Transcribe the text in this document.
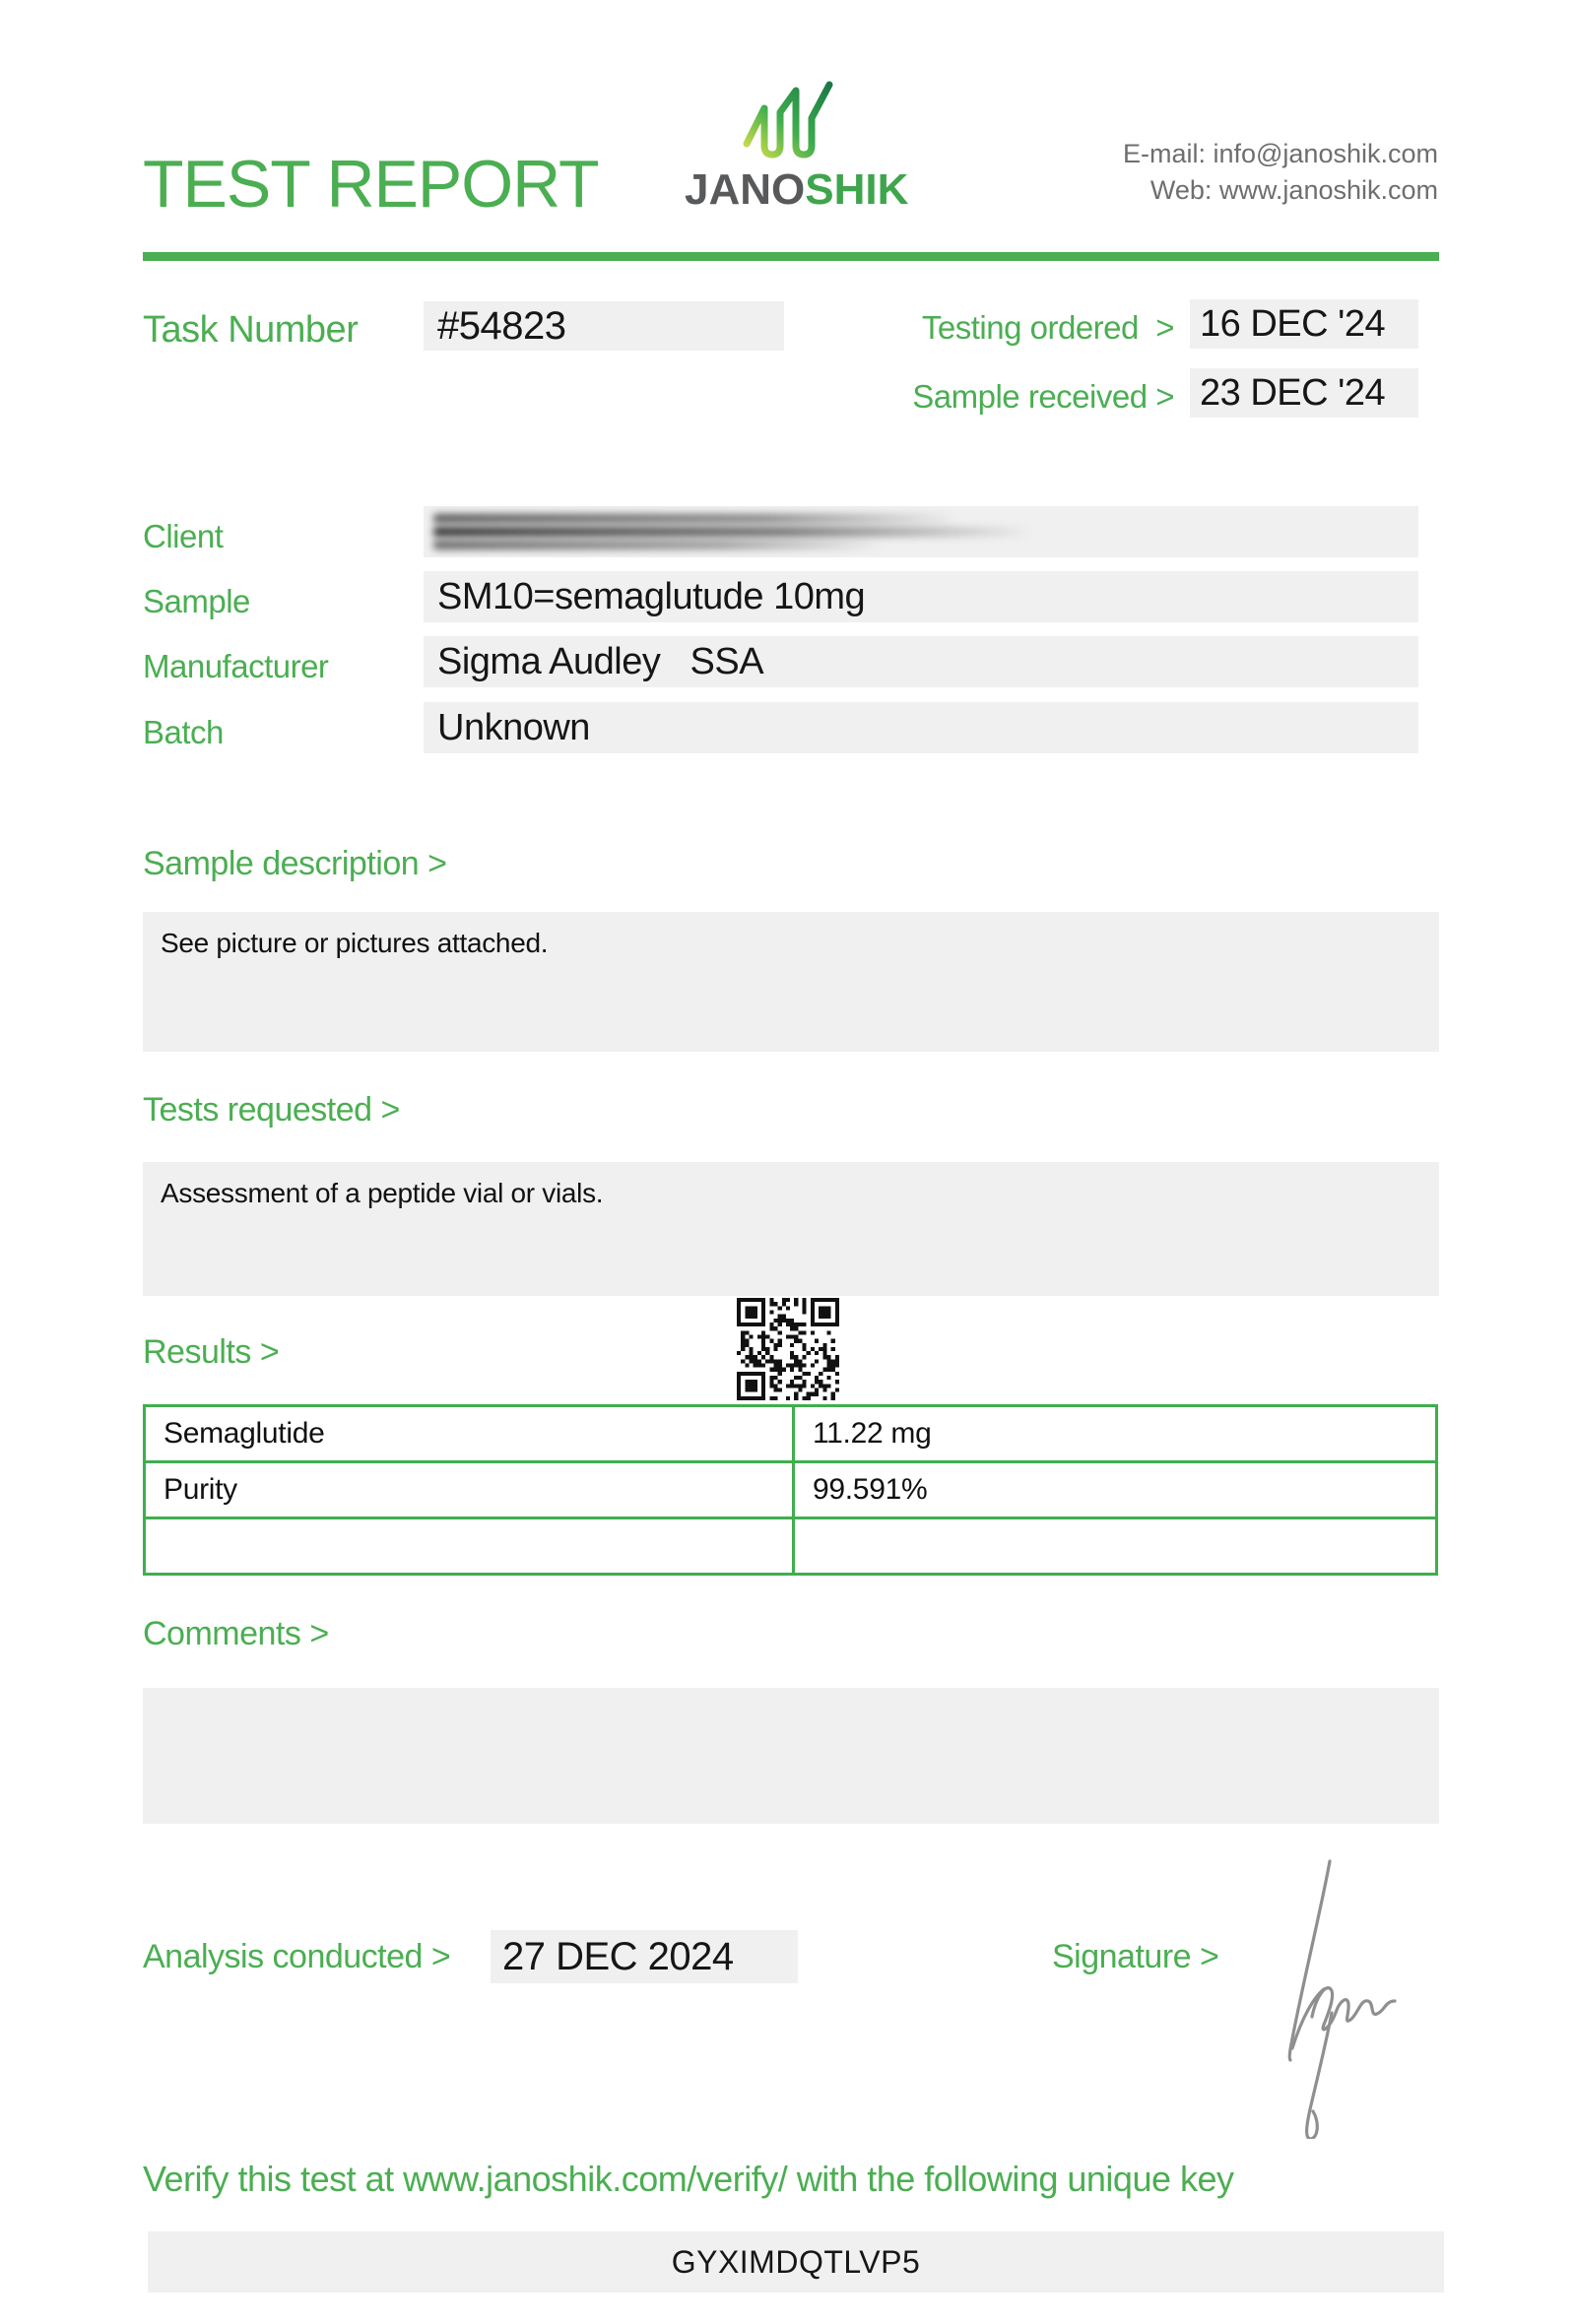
TEST REPORT JANOSHIK
E-mail: info@janoshik.com
Web: www.janoshik.com
Task Number	#54823	Testing ordered  > 16 DEC '24
Sample received > 23 DEC '24
Client
Sample	SM10=semaglutude 10mg
Manufacturer	Sigma Audley   SSA
Batch	Unknown
Sample description >
See picture or pictures attached.
Tests requested >
Assessment of a peptide vial or vials.
Results >
Semaglutide	11.22 mg
Purity	99.591%
Comments >
Analysis conducted >	27 DEC 2024	Signature >
Verify this test at www.janoshik.com/verify/ with the following unique key
GYXIMDQTLVP5
